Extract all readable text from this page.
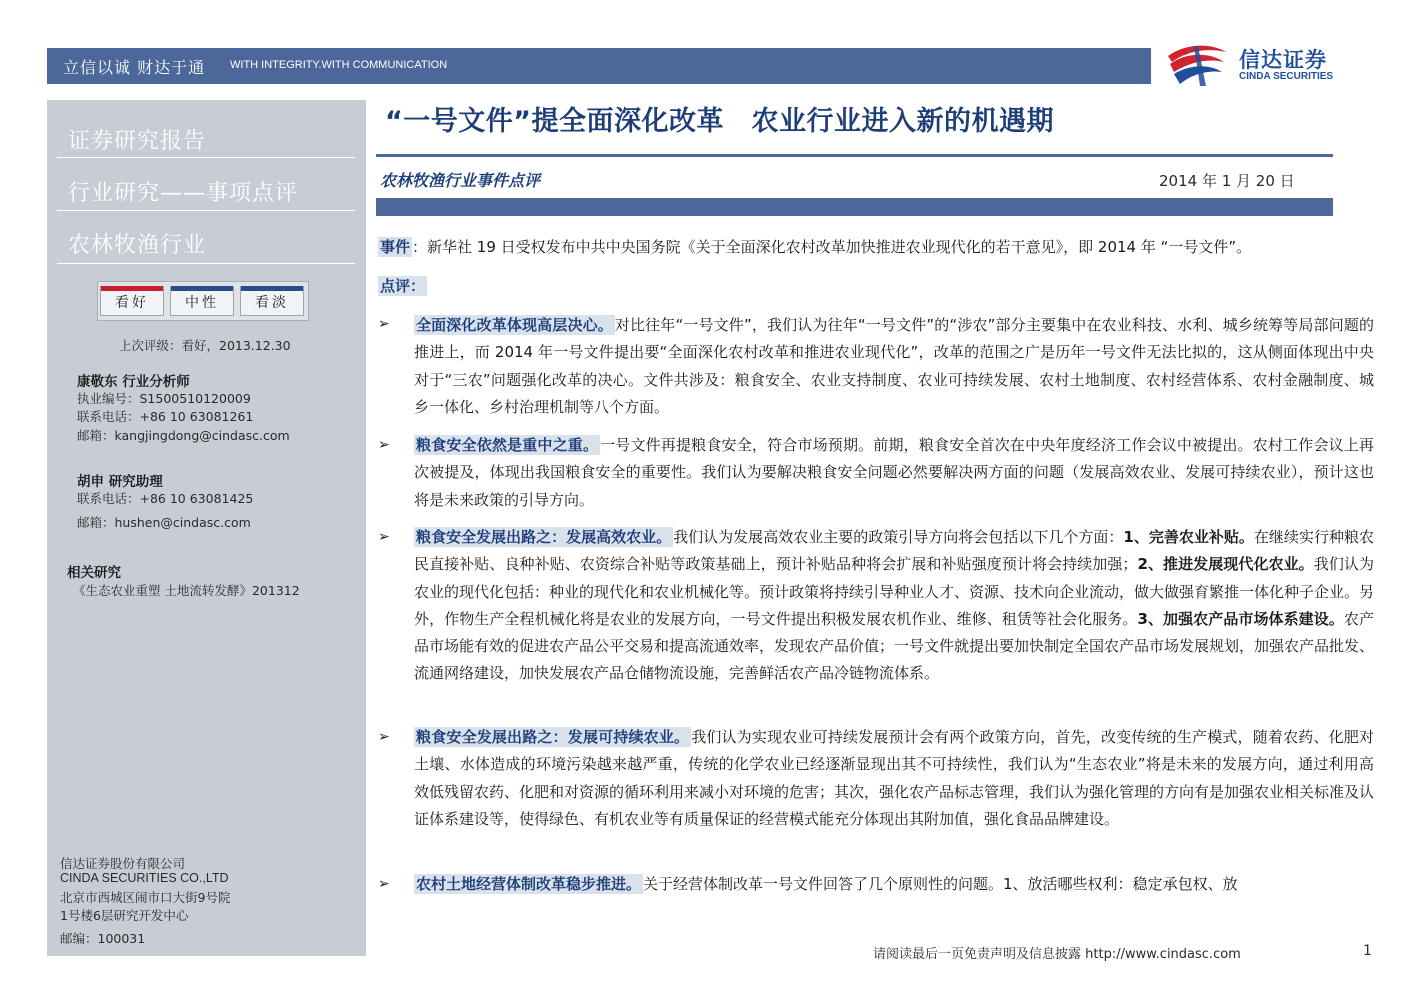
立信以诚 财达于通 WITH INTEGRITY.WITH COMMUNICATION	信达证券
CINDA SECURITIES
证券研究报告
行业研究——事项点评
农林牧渔行业
看好	中性	看淡
上次评级：看好，2013.12.30
康敬东 行业分析师
执业编号：S1500510120009
联系电话：+86 10 63081261
邮箱：kangjingdong@cindasc.com
胡申 研究助理
联系电话：+86 10 63081425
邮箱：hushen@cindasc.com
相关研究
《生态农业重塑 土地流转发酵》201312
信达证券股份有限公司
CINDA SECURITIES CO.,LTD
北京市西城区闹市口大街9号院
1号楼6层研究开发中心
邮编：100031
“一号文件”提全面深化改革　农业行业进入新的机遇期
农林牧渔行业事件点评	2014 年 1 月 20 日
事件 ：新华社 19 日受权发布中共中央国务院《关于全面深化农村改革加快推进农业现代化的若干意见》，即 2014 年 “一号文件”。
点评：
➢ 全面深化改革体现高层决心。 对比往年“一号文件”，我们认为往年“一号文件”的“涉农”部分主要集中在农业科技、水利、城乡统筹等局部问题的推进上，而 2014 年一号文件提出要“全面深化农村改革和推进农业现代化”，改革的范围之广是历年一号文件无法比拟的，这从侧面体现出中央对于“三农”问题强化改革的决心。文件共涉及：粮食安全、农业支持制度、农业可持续发展、农村土地制度、农村经营体系、农村金融制度、城乡一体化、乡村治理机制等八个方面。
➢ 粮食安全依然是重中之重。 一号文件再提粮食安全，符合市场预期。前期，粮食安全首次在中央年度经济工作会议中被提出。农村工作会议上再次被提及，体现出我国粮食安全的重要性。我们认为要解决粮食安全问题必然要解决两方面的问题（发展高效农业、发展可持续农业），预计这也将是未来政策的引导方向。
➢ 粮食安全发展出路之：发展高效农业。 我们认为发展高效农业主要的政策引导方向将会包括以下几个方面：1、完善农业补贴。在继续实行种粮农民直接补贴、良种补贴、农资综合补贴等政策基础上，预计补贴品种将会扩展和补贴强度预计将会持续加强；2、推进发展现代化农业。我们认为农业的现代化包括：种业的现代化和农业机械化等。预计政策将持续引导种业人才、资源、技术向企业流动，做大做强育繁推一体化种子企业。另外，作物生产全程机械化将是农业的发展方向，一号文件提出积极发展农机作业、维修、租赁等社会化服务。3、加强农产品市场体系建设。农产品市场能有效的促进农产品公平交易和提高流通效率，发现农产品价值；一号文件就提出要加快制定全国农产品市场发展规划，加强农产品批发、流通网络建设，加快发展农产品仓储物流设施，完善鲜活农产品冷链物流体系。
➢ 粮食安全发展出路之：发展可持续农业。 我们认为实现农业可持续发展预计会有两个政策方向，首先，改变传统的生产模式，随着农药、化肥对土壤、水体造成的环境污染越来越严重，传统的化学农业已经逐渐显现出其不可持续性，我们认为“生态农业”将是未来的发展方向，通过利用高效低残留农药、化肥和对资源的循环利用来减小对环境的危害；其次，强化农产品标志管理，我们认为强化管理的方向有是加强农业相关标准及认证体系建设等，使得绿色、有机农业等有质量保证的经营模式能充分体现出其附加值，强化食品品牌建设。
➢ 农村土地经营体制改革稳步推进。 关于经营体制改革一号文件回答了几个原则性的问题。1、放活哪些权利：稳定承包权、放
请阅读最后一页免责声明及信息披露 http://www.cindasc.com	1
